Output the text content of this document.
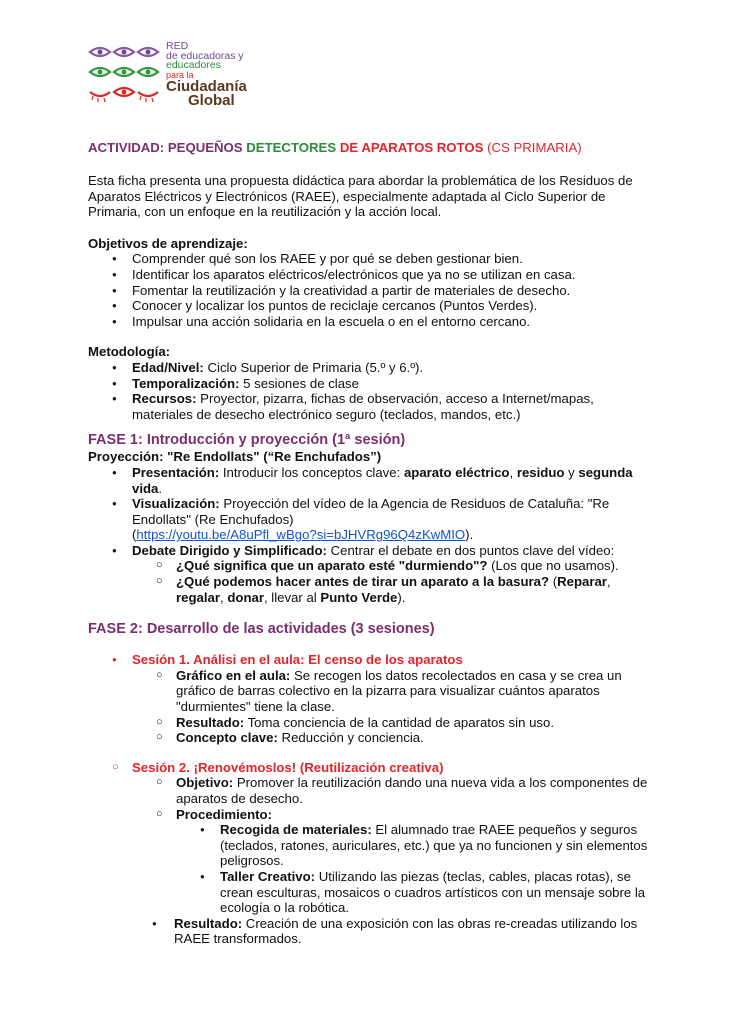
RED
de educadoras y
educadores
para la
Ciudadanía
Global

ACTIVIDAD: PEQUEÑOS DETECTORES DE APARATOS ROTOS (CS PRIMARIA)

Esta ficha presenta una propuesta didáctica para abordar la problemática de los Residuos de Aparatos Eléctricos y Electrónicos (RAEE), especialmente adaptada al Ciclo Superior de Primaria, con un enfoque en la reutilización y la acción local.

Objetivos de aprendizaje:

● Comprender qué son los RAEE y por qué se deben gestionar bien.
● Identificar los aparatos eléctricos/electrónicos que ya no se utilizan en casa.
● Fomentar la reutilización y la creatividad a partir de materiales de desecho.
● Conocer y localizar los puntos de reciclaje cercanos (Puntos Verdes).
● Impulsar una acción solidaria en la escuela o en el entorno cercano.

Metodología:

● Edad/Nivel: Ciclo Superior de Primaria (5.º y 6.º).
● Temporalización: 5 sesiones de clase
● Recursos: Proyector, pizarra, fichas de observación, acceso a Internet/mapas, materiales de desecho electrónico seguro (teclados, mandos, etc.)

FASE 1: Introducción y proyección (1ª sesión)

Proyección: "Re Endollats" (“Re Enchufados”)

● Presentación: Introducir los conceptos clave: aparato eléctrico, residuo y segunda vida.
● Visualización: Proyección del vídeo de la Agencia de Residuos de Cataluña: "Re Endollats" (Re Enchufados)
(https://youtu.be/A8uPfl_wBgo?si=bJHVRg96Q4zKwMIO).
● Debate Dirigido y Simplificado: Centrar el debate en dos puntos clave del vídeo:
○ ¿Qué significa que un aparato esté "durmiendo"? (Los que no usamos).
○ ¿Qué podemos hacer antes de tirar un aparato a la basura? (Reparar, regalar, donar, llevar al Punto Verde).

FASE 2: Desarrollo de las actividades (3 sesiones)

● Sesión 1. Análisi en el aula: El censo de los aparatos
○ Gráfico en el aula: Se recogen los datos recolectados en casa y se crea un gráfico de barras colectivo en la pizarra para visualizar cuántos aparatos "durmientes" tiene la clase.
○ Resultado: Toma conciencia de la cantidad de aparatos sin uso.
○ Concepto clave: Reducción y conciencia.
○ Sesión 2. ¡Renovémoslos! (Reutilización creativa)
○ Objetivo: Promover la reutilización dando una nueva vida a los componentes de aparatos de desecho.
○ Procedimiento:
● Recogida de materiales: El alumnado trae RAEE pequeños y seguros (teclados, ratones, auriculares, etc.) que ya no funcionen y sin elementos peligrosos.
● Taller Creativo: Utilizando las piezas (teclas, cables, placas rotas), se crean esculturas, mosaicos o cuadros artísticos con un mensaje sobre la ecología o la robótica.
● Resultado: Creación de una exposición con las obras re-creadas utilizando los RAEE transformados.
